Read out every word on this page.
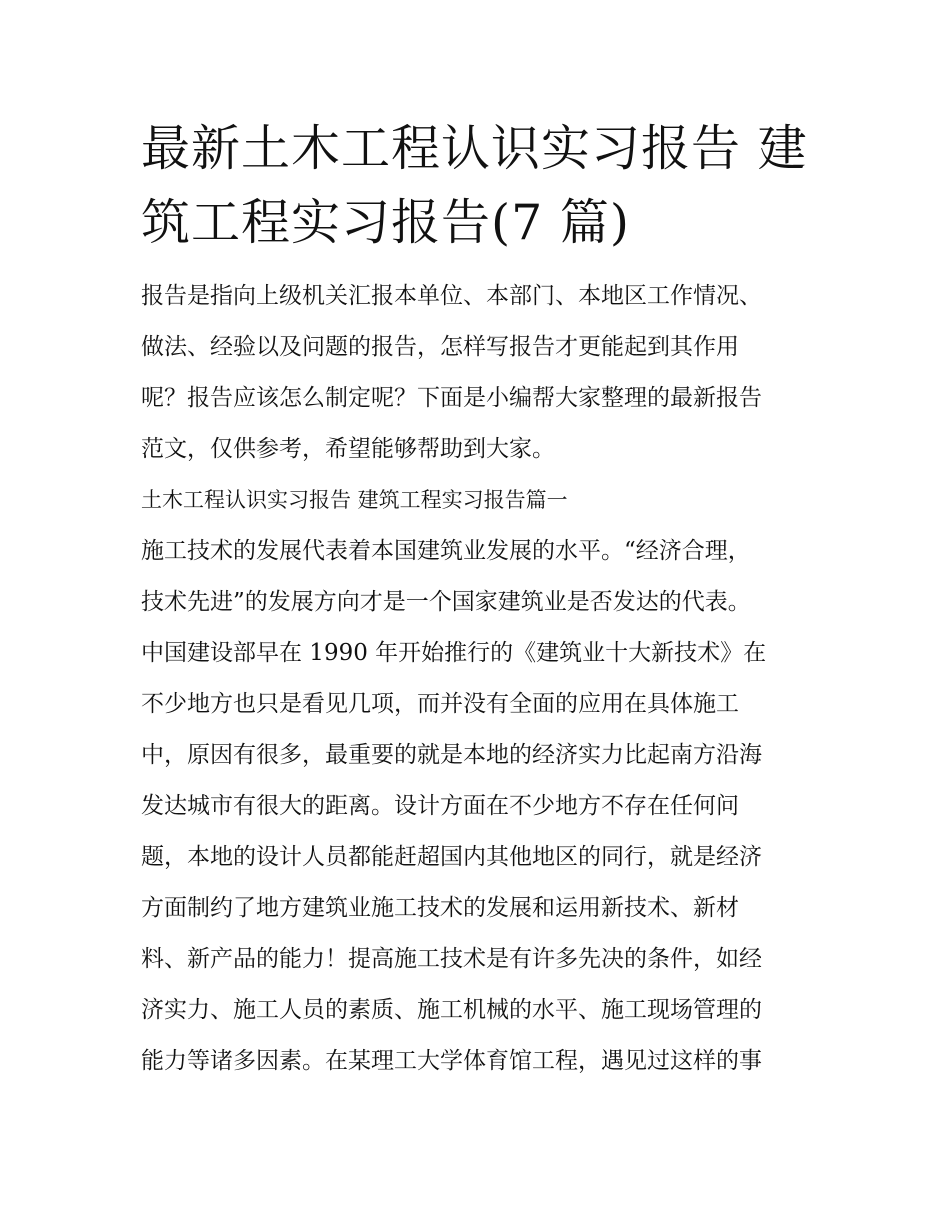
最新土木工程认识实习报告 建
筑工程实习报告(7 篇)
报告是指向上级机关汇报本单位、本部门、本地区工作情况、
做法、经验以及问题的报告，怎样写报告才更能起到其作用
呢？报告应该怎么制定呢？下面是小编帮大家整理的最新报告
范文，仅供参考，希望能够帮助到大家。
土木工程认识实习报告 建筑工程实习报告篇一
施工技术的发展代表着本国建筑业发展的水平。“经济合理，
技术先进”的发展方向才是一个国家建筑业是否发达的代表。
中国建设部早在 1990 年开始推行的《建筑业十大新技术》在
不少地方也只是看见几项，而并没有全面的应用在具体施工
中，原因有很多，最重要的就是本地的经济实力比起南方沿海
发达城市有很大的距离。设计方面在不少地方不存在任何问
题，本地的设计人员都能赶超国内其他地区的同行，就是经济
方面制约了地方建筑业施工技术的发展和运用新技术、新材
料、新产品的能力！提高施工技术是有许多先决的条件，如经
济实力、施工人员的素质、施工机械的水平、施工现场管理的
能力等诸多因素。在某理工大学体育馆工程，遇见过这样的事
